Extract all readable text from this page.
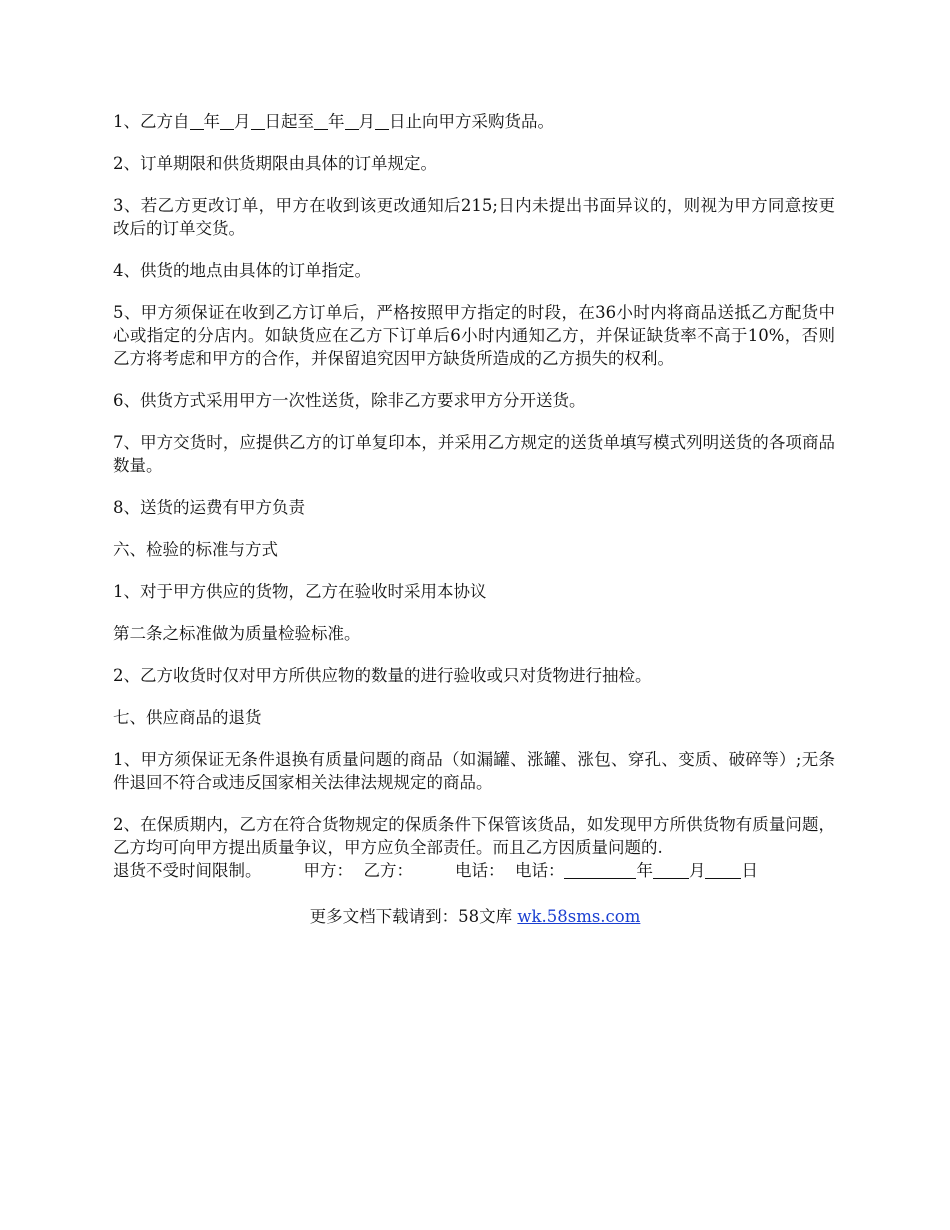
1、乙方自 年 月 日起至 年 月 日止向甲方采购货品。

2、订单期限和供货期限由具体的订单规定。

3、若乙方更改订单，甲方在收到该更改通知后215;日内未提出书面异议的，则视为甲方同意按更改后的订单交货。

4、供货的地点由具体的订单指定。

5、甲方须保证在收到乙方订单后，严格按照甲方指定的时段，在36小时内将商品送抵乙方配货中心或指定的分店内。如缺货应在乙方下订单后6小时内通知乙方，并保证缺货率不高于10%，否则乙方将考虑和甲方的合作，并保留追究因甲方缺货所造成的乙方损失的权利。

6、供货方式采用甲方一次性送货，除非乙方要求甲方分开送货。

7、甲方交货时，应提供乙方的订单复印本，并采用乙方规定的送货单填写模式列明送货的各项商品数量。

8、送货的运费有甲方负责

六、检验的标准与方式

1、对于甲方供应的货物，乙方在验收时采用本协议

第二条之标准做为质量检验标准。

2、乙方收货时仅对甲方所供应物的数量的进行验收或只对货物进行抽检。

七、供应商品的退货

1、甲方须保证无条件退换有质量问题的商品（如漏罐、涨罐、涨包、穿孔、变质、破碎等）;无条件退回不符合或违反国家相关法律法规规定的商品。

2、在保质期内，乙方在符合货物规定的保质条件下保管该货品，如发现甲方所供货物有质量问题，乙方均可向甲方提出质量争议，甲方应负全部责任。而且乙方因质量问题的.

退货不受时间限制。	甲方： 乙方：	电话： 电话：	年 月 日

更多文档下载请到：58文库 wk.58sms.com
